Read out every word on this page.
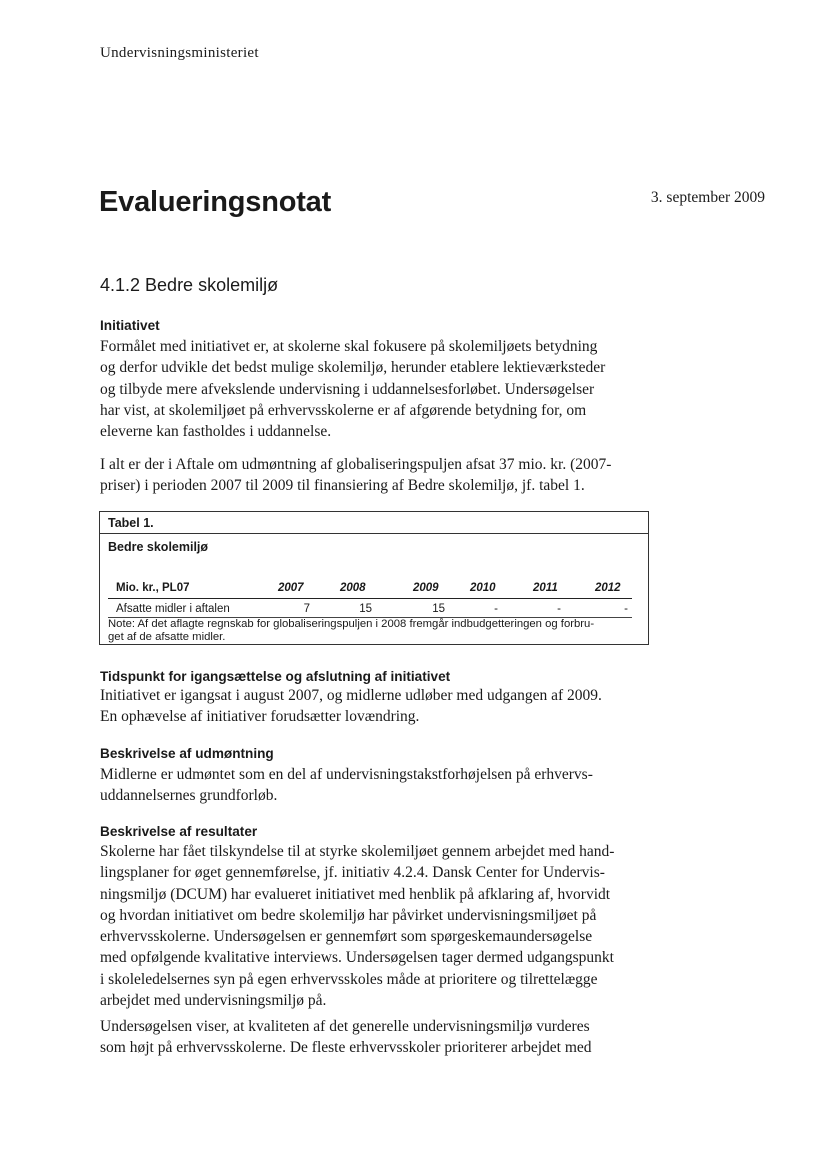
Undervisningsministeriet
Evalueringsnotat	3. september 2009
4.1.2 Bedre skolemiljø
Initiativet
Formålet med initiativet er, at skolerne skal fokusere på skolemiljøets betydning
og derfor udvikle det bedst mulige skolemiljø, herunder etablere lektieværksteder
og tilbyde mere afvekslende undervisning i uddannelsesforløbet. Undersøgelser
har vist, at skolemiljøet på erhvervsskolerne er af afgørende betydning for, om
eleverne kan fastholdes i uddannelse.
I alt er der i Aftale om udmøntning af globaliseringspuljen afsat 37 mio. kr. (2007-
priser) i perioden 2007 til 2009 til finansiering af Bedre skolemiljø, jf. tabel 1.
Tabel 1.
Bedre skolemiljø
Mio. kr., PL07	2007	2008	2009	2010	2011	2012
Afsatte midler i aftalen	7	15	15	-	-	-
Note: Af det aflagte regnskab for globaliseringspuljen i 2008 fremgår indbudgetteringen og forbru-
get af de afsatte midler.
Tidspunkt for igangsættelse og afslutning af initiativet
Initiativet er igangsat i august 2007, og midlerne udløber med udgangen af 2009.
En ophævelse af initiativer forudsætter lovændring.
Beskrivelse af udmøntning
Midlerne er udmøntet som en del af undervisningstakstforhøjelsen på erhvervs-
uddannelsernes grundforløb.
Beskrivelse af resultater
Skolerne har fået tilskyndelse til at styrke skolemiljøet gennem arbejdet med hand-
lingsplaner for øget gennemførelse, jf. initiativ 4.2.4. Dansk Center for Undervis-
ningsmiljø (DCUM) har evalueret initiativet med henblik på afklaring af, hvorvidt
og hvordan initiativet om bedre skolemiljø har påvirket undervisningsmiljøet på
erhvervsskolerne. Undersøgelsen er gennemført som spørgeskemaundersøgelse
med opfølgende kvalitative interviews. Undersøgelsen tager dermed udgangspunkt
i skoleledelsernes syn på egen erhvervsskoles måde at prioritere og tilrettelægge
arbejdet med undervisningsmiljø på.
Undersøgelsen viser, at kvaliteten af det generelle undervisningsmiljø vurderes
som højt på erhvervsskolerne. De fleste erhvervsskoler prioriterer arbejdet med
